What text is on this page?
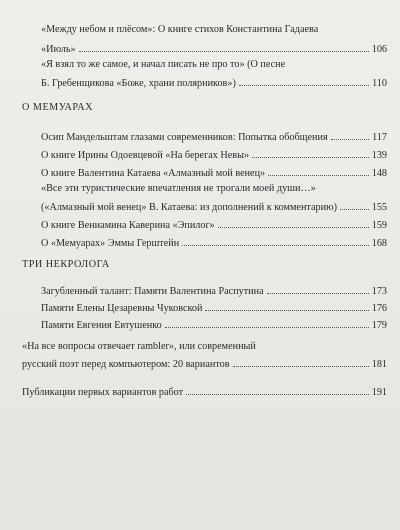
«Между небом и плёсом»: О книге стихов Константина Гадаева
«Июль»	106
«Я взял то же самое, и начал писать не про то» (О песне
Б. Гребенщикова «Боже, храни полярников»)	110
О МЕМУАРАХ
Осип Мандельштам глазами современников: Попытка обобщения	117
О книге Ирины Одоевцевой «На берегах Невы»	139
О книге Валентина Катаева «Алмазный мой венец»	148
«Все эти туристические впечатления не трогали моей души…»
(«Алмазный мой венец» В. Катаева: из дополнений к комментарию)	155
О книге Вениамина Каверина «Эпилог»	159
О «Мемуарах» Эммы Герштейн	168
ТРИ НЕКРОЛОГА
Загубленный талант: Памяти Валентина Распутина	173
Памяти Елены Цезаревны Чуковской	176
Памяти Евгения Евтушенко	179
«На все вопросы отвечает rambler», или современный
русский поэт перед компьютером: 20 вариантов	181
Публикации первых вариантов работ	191
